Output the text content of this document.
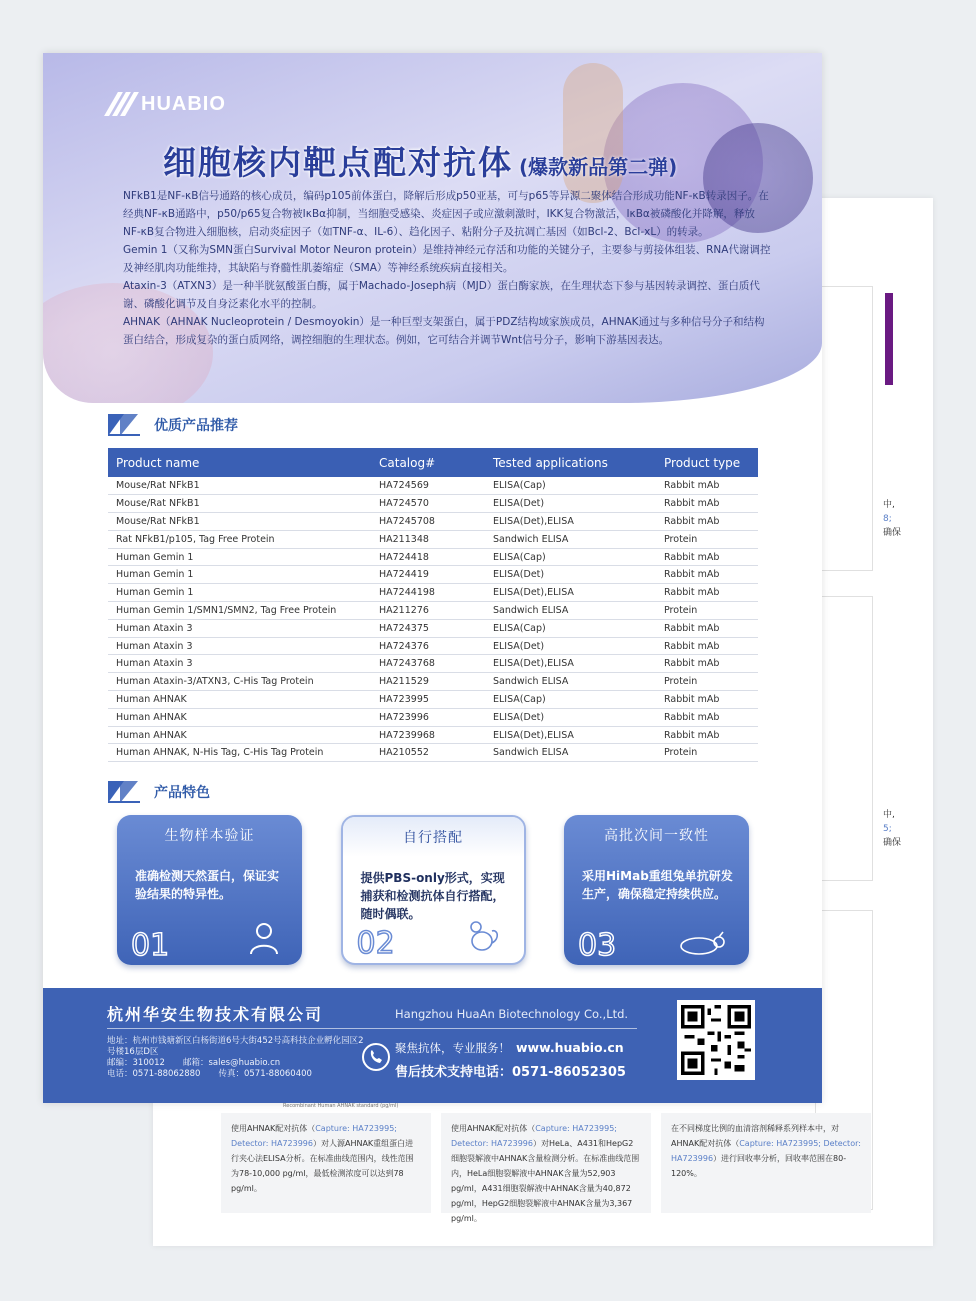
中,
8;
确保
中,
5;
确保
Recombinant Human AHNAK standard (pg/ml)
使用AHNAK配对抗体（Capture: HA723995; Detector: HA723996）对人源AHNAK重组蛋白进行夹心法ELISA分析。在标准曲线范围内，线性范围为78-10,000 pg/ml，最低检测浓度可以达到78 pg/ml。
使用AHNAK配对抗体（Capture: HA723995; Detector: HA723996）对HeLa、A431和HepG2细胞裂解液中AHNAK含量检测分析。在标准曲线范围内，HeLa细胞裂解液中AHNAK含量为52,903 pg/ml，A431细胞裂解液中AHNAK含量为40,872 pg/ml，HepG2细胞裂解液中AHNAK含量为3,367 pg/ml。
在不同梯度比例的血清溶剂稀释系列样本中，对AHNAK配对抗体（Capture: HA723995; Detector: HA723996）进行回收率分析，回收率范围在80-120%。
HUABIO
细胞核内靶点配对抗体 (爆款新品第二弹)

NFkB1是NF-κB信号通路的核心成员，编码p105前体蛋白，降解后形成p50亚基，可与p65等异源二聚体结合形成功能NF-κB转录因子。在经典NF-κB通路中，p50/p65复合物被IκBα抑制，当细胞受感染、炎症因子或应激刺激时，IKK复合物激活，IκBα被磷酸化并降解，释放NF-κB复合物进入细胞核，启动炎症因子（如TNF-α、IL-6）、趋化因子、粘附分子及抗凋亡基因（如Bcl-2、Bcl-xL）的转录。

Gemin 1（又称为SMN蛋白Survival Motor Neuron protein）是维持神经元存活和功能的关键分子，主要参与剪接体组装、RNA代谢调控及神经肌肉功能维持，其缺陷与脊髓性肌萎缩症（SMA）等神经系统疾病直接相关。

Ataxin-3（ATXN3）是一种半胱氨酸蛋白酶，属于Machado-Joseph病（MJD）蛋白酶家族，在生理状态下参与基因转录调控、蛋白质代谢、磷酸化调节及自身泛素化水平的控制。

AHNAK（AHNAK Nucleoprotein / Desmoyokin）是一种巨型支架蛋白，属于PDZ结构域家族成员，AHNAK通过与多种信号分子和结构蛋白结合，形成复杂的蛋白质网络，调控细胞的生理状态。例如，它可结合并调节Wnt信号分子，影响下游基因表达。

优质产品推荐
Product name	Catalog#	Tested applications	Product type
Mouse/Rat NFkB1	HA724569	ELISA(Cap)	Rabbit mAb
Mouse/Rat NFkB1	HA724570	ELISA(Det)	Rabbit mAb
Mouse/Rat NFkB1	HA7245708	ELISA(Det),ELISA	Rabbit mAb
Rat NFkB1/p105, Tag Free Protein	HA211348	Sandwich ELISA	Protein
Human Gemin 1	HA724418	ELISA(Cap)	Rabbit mAb
Human Gemin 1	HA724419	ELISA(Det)	Rabbit mAb
Human Gemin 1	HA7244198	ELISA(Det),ELISA	Rabbit mAb
Human Gemin 1/SMN1/SMN2, Tag Free Protein	HA211276	Sandwich ELISA	Protein
Human Ataxin 3	HA724375	ELISA(Cap)	Rabbit mAb
Human Ataxin 3	HA724376	ELISA(Det)	Rabbit mAb
Human Ataxin 3	HA7243768	ELISA(Det),ELISA	Rabbit mAb
Human Ataxin-3/ATXN3, C-His Tag Protein	HA211529	Sandwich ELISA	Protein
Human AHNAK	HA723995	ELISA(Cap)	Rabbit mAb
Human AHNAK	HA723996	ELISA(Det)	Rabbit mAb
Human AHNAK	HA7239968	ELISA(Det),ELISA	Rabbit mAb
Human AHNAK, N-His Tag, C-His Tag Protein	HA210552	Sandwich ELISA	Protein
产品特色
生物样本验证
准确检测天然蛋白，保证实验结果的特异性。
01
自行搭配
提供PBS-only形式，实现捕获和检测抗体自行搭配，随时偶联。
02
高批次间一致性
采用HiMab重组兔单抗研发生产，确保稳定持续供应。
03
杭州华安生物技术有限公司	Hangzhou HuaAn Biotechnology Co.,Ltd.
地址：杭州市钱塘新区白杨街道6号大街452号高科技企业孵化园区2号楼16层D区
邮编：310012 邮箱：sales@huabio.cn
电话：0571-88062880 传真：0571-88060400
聚焦抗体，专业服务！ www.huabio.cn
售后技术支持电话：0571-86052305
